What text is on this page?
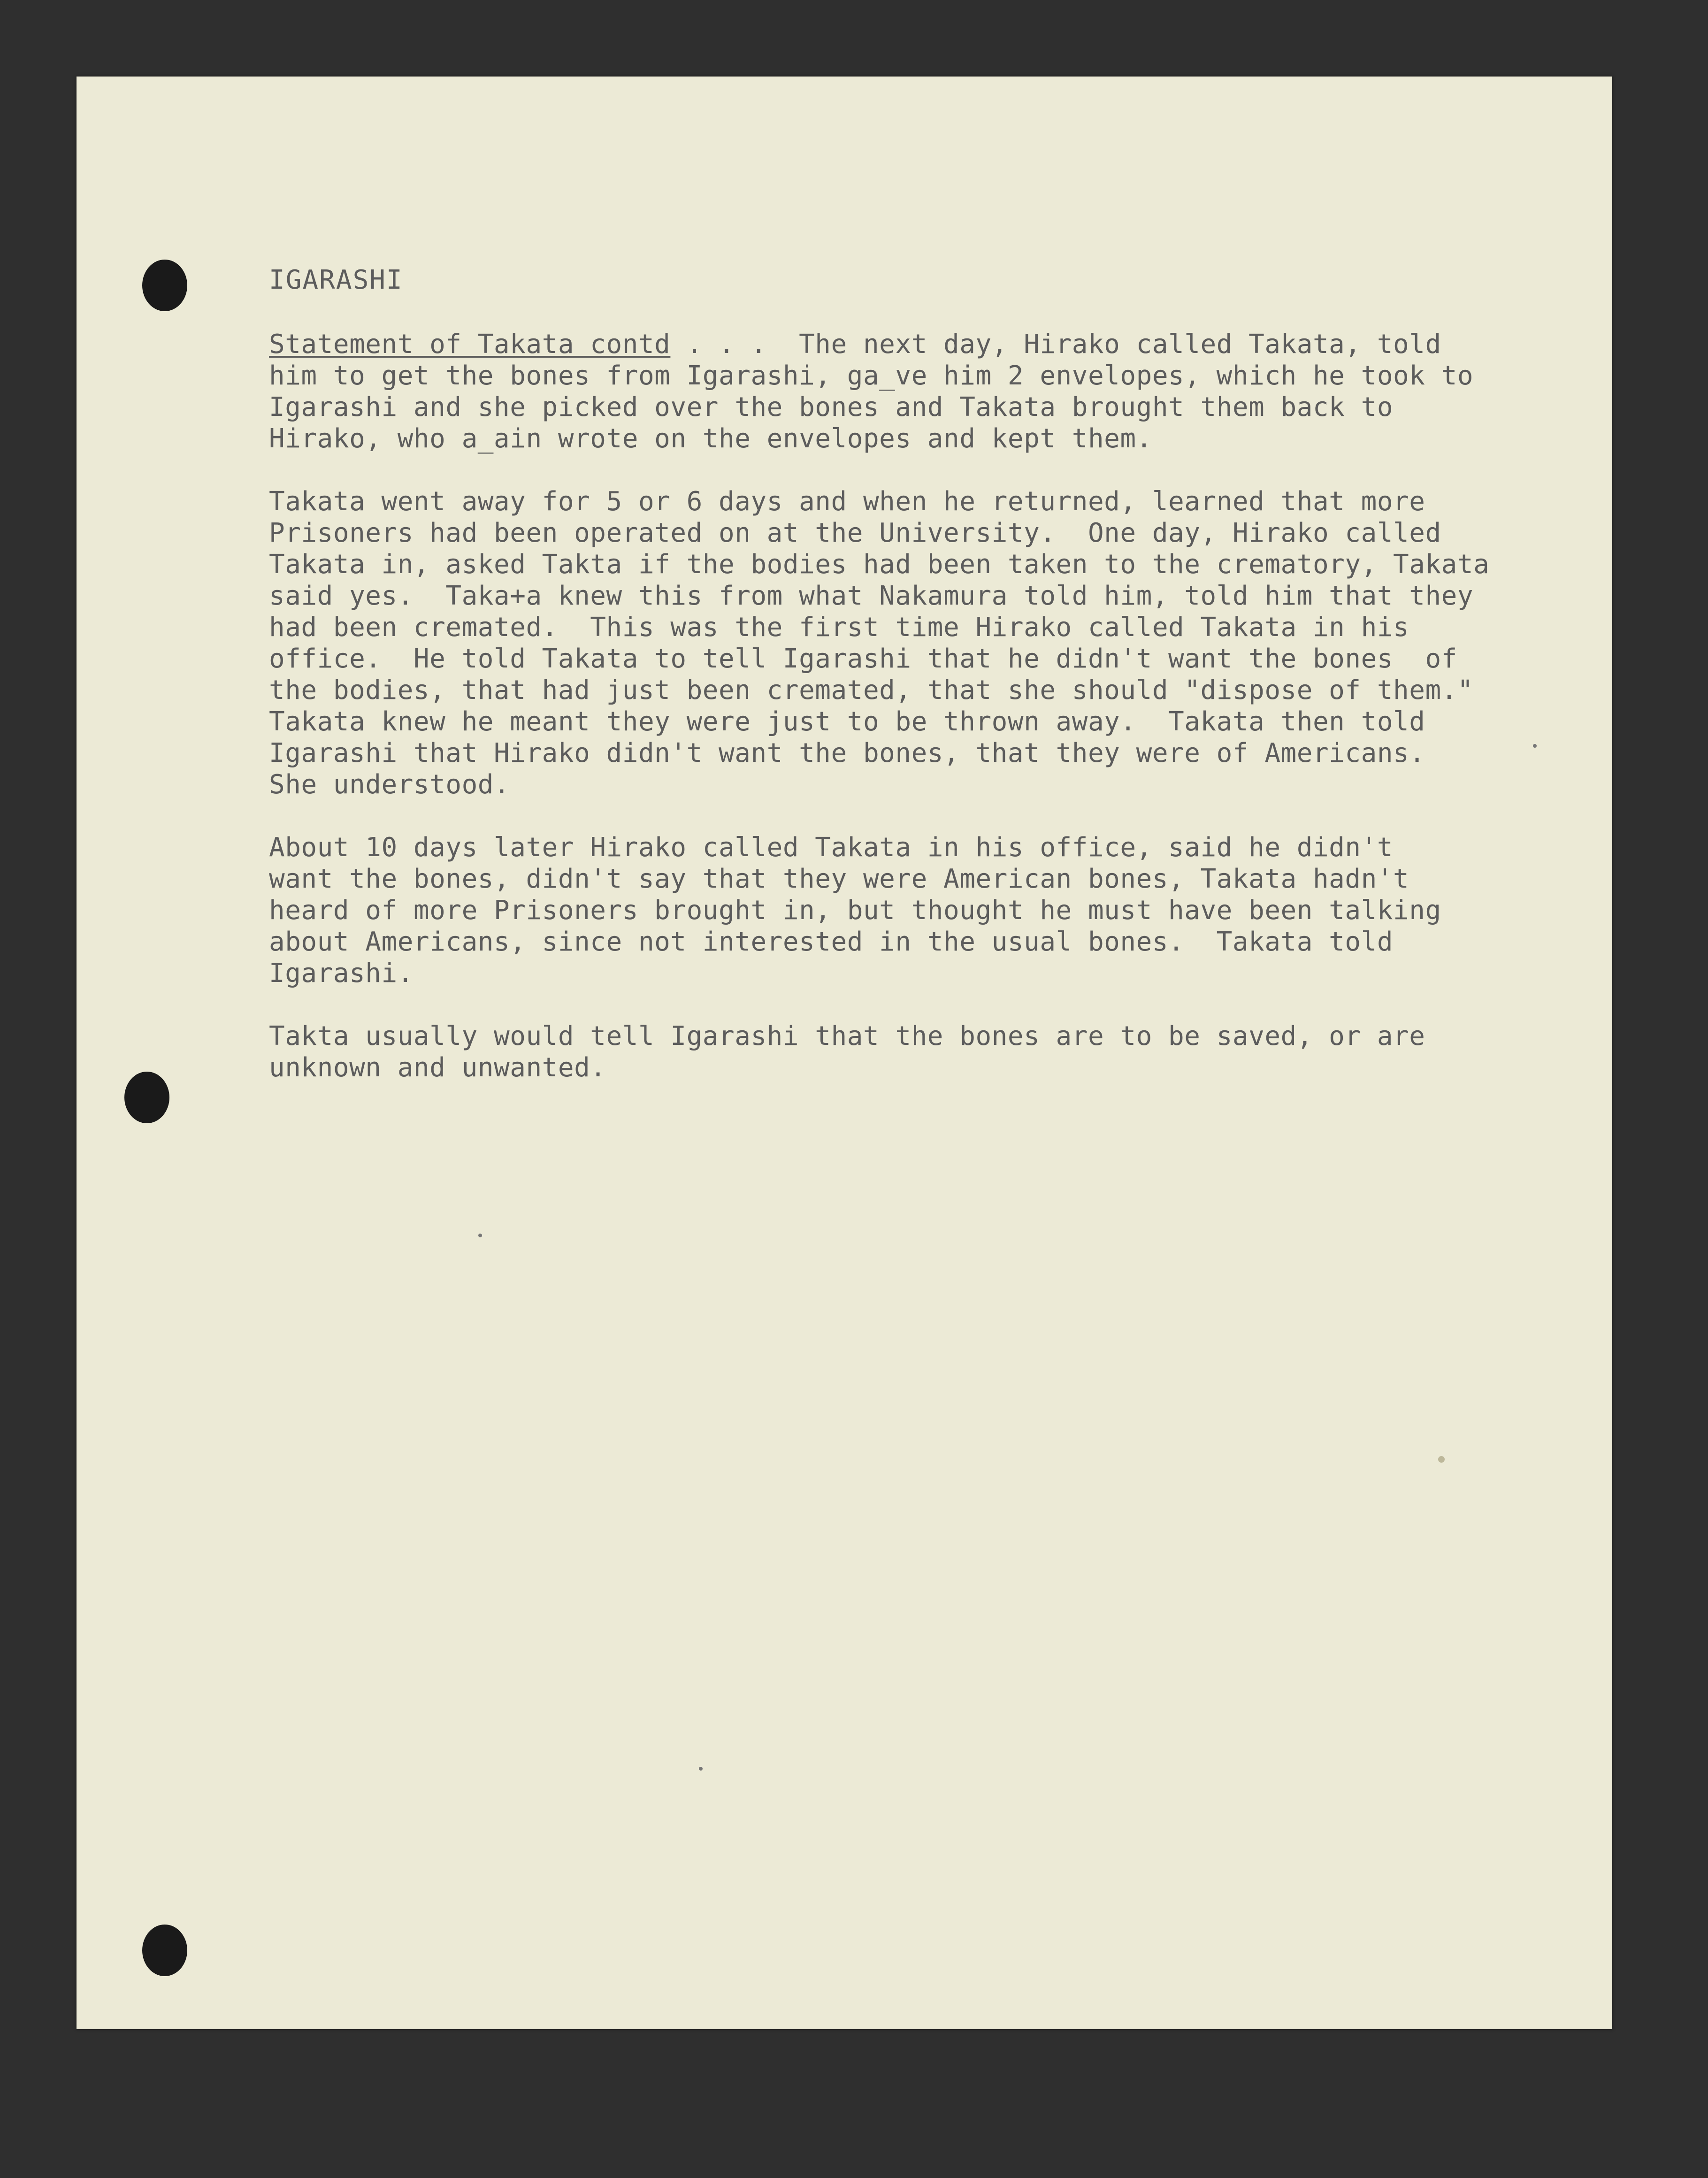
IGARASHI
Statement of Takata contd . . .  The next day, Hirako called Takata, told
him to get the bones from Igarashi, ga_ve him 2 envelopes, which he took to
Igarashi and she picked over the bones and Takata brought them back to
Hirako, who a_ain wrote on the envelopes and kept them.
Takata went away for 5 or 6 days and when he returned, learned that more
Prisoners had been operated on at the University.  One day, Hirako called
Takata in, asked Takta if the bodies had been taken to the crematory, Takata
said yes.  Taka+a knew this from what Nakamura told him, told him that they
had been cremated.  This was the first time Hirako called Takata in his
office.  He told Takata to tell Igarashi that he didn't want the bones  of
the bodies, that had just been cremated, that she should "dispose of them."
Takata knew he meant they were just to be thrown away.  Takata then told
Igarashi that Hirako didn't want the bones, that they were of Americans.
She understood.
About 10 days later Hirako called Takata in his office, said he didn't
want the bones, didn't say that they were American bones, Takata hadn't
heard of more Prisoners brought in, but thought he must have been talking
about Americans, since not interested in the usual bones.  Takata told
Igarashi.
Takta usually would tell Igarashi that the bones are to be saved, or are
unknown and unwanted.
